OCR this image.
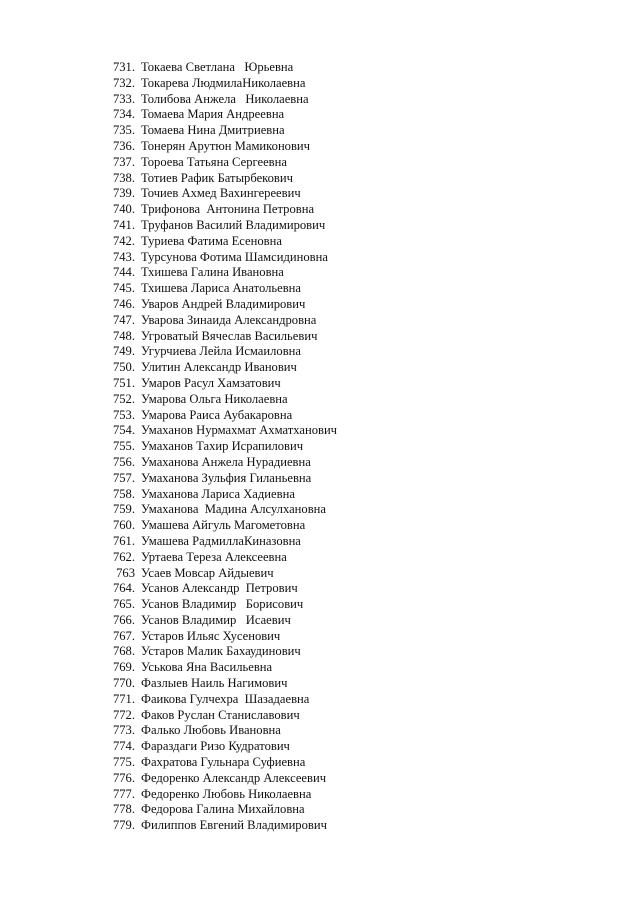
731. Токаева Светлана   Юрьевна
732. Токарева ЛюдмилаНиколаевна
733. Толибова Анжела   Николаевна
734. Томаева Мария Андреевна
735. Томаева Нина Дмитриевна
736. Тонерян Арутюн Мамиконович
737. Тороева Татьяна Сергеевна
738. Тотиев Рафик Батырбекович
739. Точиев Ахмед Вахингереевич
740. Трифонова  Антонина Петровна
741. Труфанов Василий Владимирович
742. Туриева Фатима Есеновна
743. Турсунова Фотима Шамсидиновна
744. Тхишева Галина Ивановна
745. Тхишева Лариса Анатольевна
746. Уваров Андрей Владимирович
747. Уварова Зинаида Александровна
748. Угроватый Вячеслав Васильевич
749. Угурчиева Лейла Исмаиловна
750. Улитин Александр Иванович
751. Умаров Расул Хамзатович
752. Умарова Ольга Николаевна
753. Умарова Раиса Аубакаровна
754. Умаханов Нурмахмат Ахматханович
755. Умаханов Тахир Исрапилович
756. Умаханова Анжела Нурадиевна
757. Умаханова Зульфия Гиланьевна
758. Умаханова Лариса Хадиевна
759. Умаханова  Мадина Алсулхановна
760. Умашева Айгуль Магометовна
761. Умашева РадмиллаКиназовна
762. Уртаева Тереза Алексеевна
763 Усаев Мовсар Айдыевич
764. Усанов Александр  Петрович
765. Усанов Владимир   Борисович
766. Усанов Владимир   Исаевич
767. Устаров Ильяс Хусенович
768. Устаров Малик Бахаудинович
769. Уськова Яна Васильевна
770. Фазлыев Наиль Нагимович
771. Фаикова Гулчехра  Шазадаевна
772. Факов Руслан Станиславович
773. Фалько Любовь Ивановна
774. Фараздаги Ризо Кудратович
775. Фахратова Гульнара Суфиевна
776. Федоренко Александр Алексеевич
777. Федоренко Любовь Николаевна
778. Федорова Галина Михайловна
779. Филиппов Евгений Владимирович
